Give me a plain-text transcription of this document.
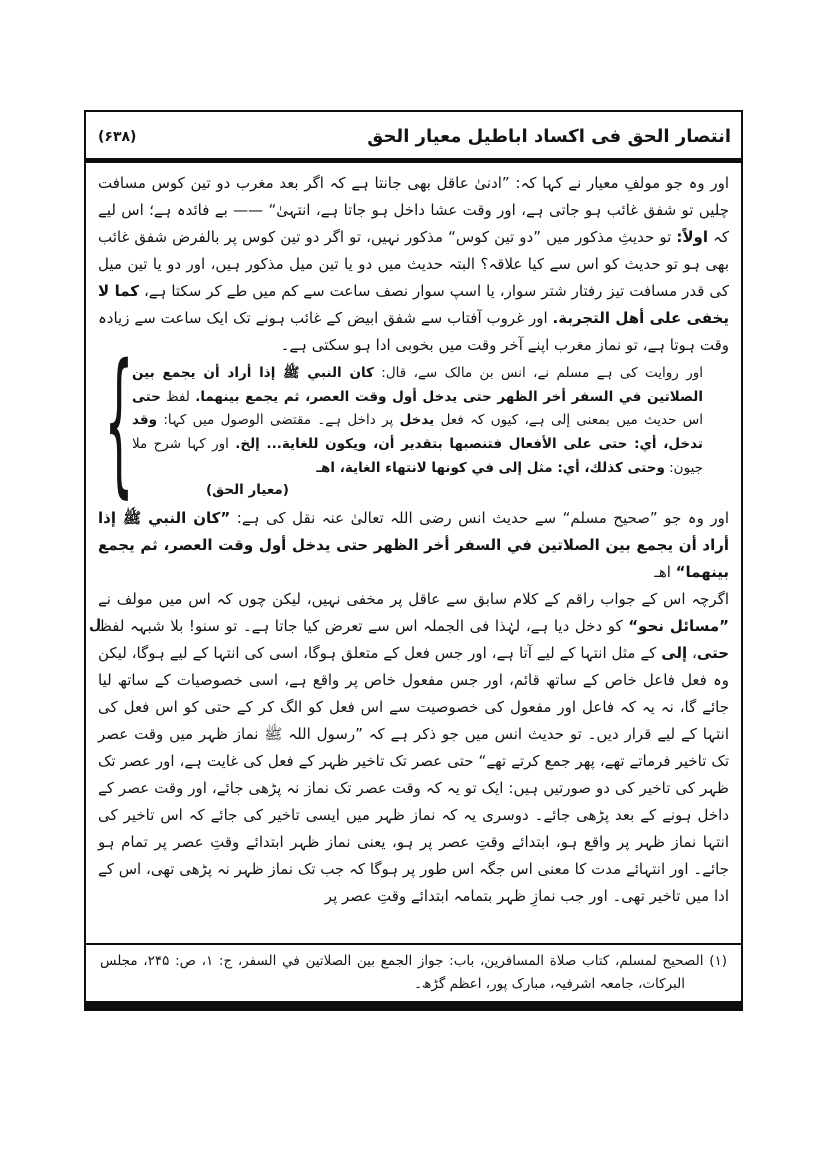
انتصار الحق فی اکساد اباطیل معیار الحق
(۶۳۸)

اور وہ جو مولفِ معیار نے کہا کہ: ”ادنیٰ عاقل بھی جانتا ہے کہ اگر بعد مغرب دو تین کوس مسافت چلیں تو شفق غائب ہو جاتی ہے، اور وقت عشا داخل ہو جاتا ہے، انتہیٰ“ —— بے فائدہ ہے؛ اس لیے کہ اولاً: تو حدیثِ مذکور میں ”دو تین کوس“ مذکور نہیں، تو اگر دو تین کوس پر بالفرض شفق غائب بھی ہو تو حدیث کو اس سے کیا علاقہ؟ البتہ حدیث میں دو یا تین میل مذکور ہیں، اور دو یا تین میل کی قدر مسافت تیز رفتار شتر سوار، یا اسپ سوار نصف ساعت سے کم میں طے کر سکتا ہے، كما لا يخفى على أهل التجربة. اور غروب آفتاب سے شفق ابیض کے غائب ہونے تک ایک ساعت سے زیادہ وقت ہوتا ہے، تو نماز مغرب اپنے آخر وقت میں بخوبی ادا ہو سکتی ہے۔

{	اور روایت کی ہے مسلم نے، انس بن مالک سے، قال: كان النبي ﷺ إذا أراد أن يجمع بين الصلاتين في السفر أخر الظهر حتى يدخل أول وقت العصر، ثم يجمع بينهما. لفظ حتى اس حدیث میں بمعنی إلی ہے، کیوں کہ فعل يدخل پر داخل ہے۔ مقتضی الوصول میں کہا: وقد تدخل، أي: حتى على الأفعال فتنصبها بتقدير أن، ويكون للغاية... إلخ. اور کہا شرح ملا جیون: وحتى كذلك، أي: مثل إلى في كونها لانتهاء الغاية، اهـ
(معیار الحق)

اور وہ جو ”صحیح مسلم“ سے حدیث انس رضی اللہ تعالیٰ عنہ نقل کی ہے: ”كان النبي ﷺ إذا أراد أن يجمع بين الصلاتين في السفر أخر الظهر حتى يدخل أول وقت العصر، ثم يجمع بينهما“ اهـ

اگرچہ اس کے جواب راقم کے کلام سابق سے عاقل پر مخفی نہیں، لیکن چوں کہ اس میں مولف نے ”مسائل نحو“ کو دخل دیا ہے، لہٰذا فی الجملہ اس سے تعرض کیا جاتا ہے۔ تو سنو! بلا شبہہ لفظ حتی، إلى کے مثل انتہا کے لیے آتا ہے، اور جس فعل کے متعلق ہوگا، اسی کی انتہا کے لیے ہوگا، لیکن وہ فعل فاعل خاص کے ساتھ قائم، اور جس مفعول خاص پر واقع ہے، اسی خصوصیات کے ساتھ لیا جائے گا، نہ یہ کہ فاعل اور مفعول کی خصوصیت سے اس فعل کو الگ کر کے حتی کو اس فعل کی انتہا کے لیے قرار دیں۔ تو حدیث انس میں جو ذکر ہے کہ ”رسول اللہ ﷺ نماز ظہر میں وقت عصر تک تاخیر فرماتے تھے، پھر جمع کرتے تھے“ حتی عصر تک تاخیر ظہر کے فعل کی غایت ہے، اور عصر تک ظہر کی تاخیر کی دو صورتیں ہیں: ایک تو یہ کہ وقت عصر تک نماز نہ پڑھی جائے، اور وقت عصر کے داخل ہونے کے بعد پڑھی جائے۔ دوسری یہ کہ نماز ظہر میں ایسی تاخیر کی جائے کہ اس تاخیر کی انتہا نماز ظہر پر واقع ہو، ابتدائے وقتِ عصر پر ہو، یعنی نماز ظہر ابتدائے وقتِ عصر پر تمام ہو جائے۔ اور انتہائے مدت کا معنی اس جگہ اس طور پر ہوگا کہ جب تک نماز ظہر نہ پڑھی تھی، اس کے ادا میں تاخیر تھی۔ اور جب نمازِ ظہر بتمامہ ابتدائے وقتِ عصر پر

ل

(۱) الصحيح لمسلم، كتاب صلاة المسافرين، باب: جواز الجمع بين الصلاتين في السفر، ج: ۱، ص: ۲۴۵، مجلس البركات، جامعہ اشرفیہ، مبارک پور، اعظم گڑھ۔
